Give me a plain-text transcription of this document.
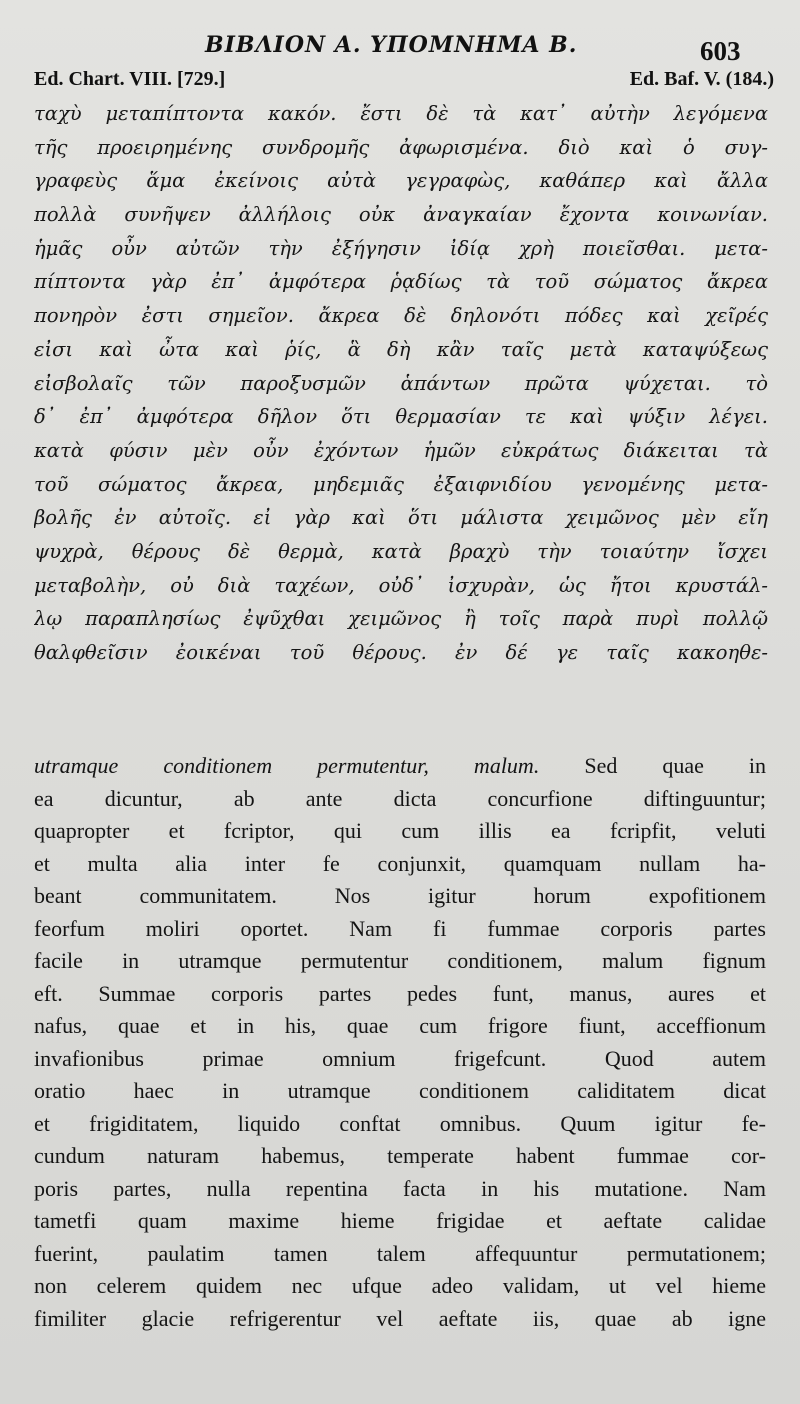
ΒΙΒΛΙΟΝ Α. ΥΠΟΜΝΗΜΑ Β.	603
Ed. Chart. VIII. [729.]	Ed. Baf. V. (184.)
ταχὺ μεταπίπτοντα κακόν. ἔστι δὲ τὰ κατ᾽ αὐτὴν λεγόμενα
τῆς προειρημένης συνδρομῆς ἀφωρισμένα. διὸ καὶ ὁ συγ-
γραφεὺς ἅμα ἐκείνοις αὐτὰ γεγραφὼς, καθάπερ καὶ ἄλλα
πολλὰ συνῆψεν ἀλλήλοις οὐκ ἀναγκαίαν ἔχοντα κοινωνίαν.
ἡμᾶς οὖν αὐτῶν τὴν ἐξήγησιν ἰδίᾳ χρὴ ποιεῖσθαι. μετα-
πίπτοντα γὰρ ἐπ᾽ ἀμφότερα ῥᾳδίως τὰ τοῦ σώματος ἄκρεα
πονηρὸν ἐστι σημεῖον. ἄκρεα δὲ δηλονότι πόδες καὶ χεῖρές
εἰσι καὶ ὦτα καὶ ῥίς, ἃ δὴ κἂν ταῖς μετὰ καταψύξεως
εἰσβολαῖς τῶν παροξυσμῶν ἁπάντων πρῶτα ψύχεται. τὸ
δ᾽ ἐπ᾽ ἀμφότερα δῆλον ὅτι θερμασίαν τε καὶ ψύξιν λέγει.
κατὰ φύσιν μὲν οὖν ἐχόντων ἡμῶν εὐκράτως διάκειται τὰ
τοῦ σώματος ἄκρεα, μηδεμιᾶς ἐξαιφνιδίου γενομένης μετα-
βολῆς ἐν αὐτοῖς. εἰ γὰρ καὶ ὅτι μάλιστα χειμῶνος μὲν εἴη
ψυχρὰ, θέρους δὲ θερμὰ, κατὰ βραχὺ τὴν τοιαύτην ἴσχει
μεταβολὴν, οὐ διὰ ταχέων, οὐδ᾽ ἰσχυρὰν, ὡς ἤτοι κρυστάλ-
λῳ παραπλησίως ἐψῦχθαι χειμῶνος ἢ τοῖς παρὰ πυρὶ πολλῷ
θαλφθεῖσιν ἐοικέναι τοῦ θέρους. ἐν δέ γε ταῖς κακοηθε-
utramque conditionem permutentur, malum. Sed quae in
ea dicuntur, ab ante dicta concurfione diftinguuntur;
quapropter et fcriptor, qui cum illis ea fcripfit, veluti
et multa alia inter fe conjunxit, quamquam nullam ha-
beant communitatem. Nos igitur horum expofitionem
feorfum moliri oportet. Nam fi fummae corporis partes
facile in utramque permutentur conditionem, malum fignum
eft. Summae corporis partes pedes funt, manus, aures et
nafus, quae et in his, quae cum frigore fiunt, acceffionum
invafionibus primae omnium frigefcunt. Quod autem
oratio haec in utramque conditionem caliditatem dicat
et frigiditatem, liquido conftat omnibus. Quum igitur fe-
cundum naturam habemus, temperate habent fummae cor-
poris partes, nulla repentina facta in his mutatione. Nam
tametfi quam maxime hieme frigidae et aeftate calidae
fuerint, paulatim tamen talem affequuntur permutationem;
non celerem quidem nec ufque adeo validam, ut vel hieme
fimiliter glacie refrigerentur vel aeftate iis, quae ab igne
